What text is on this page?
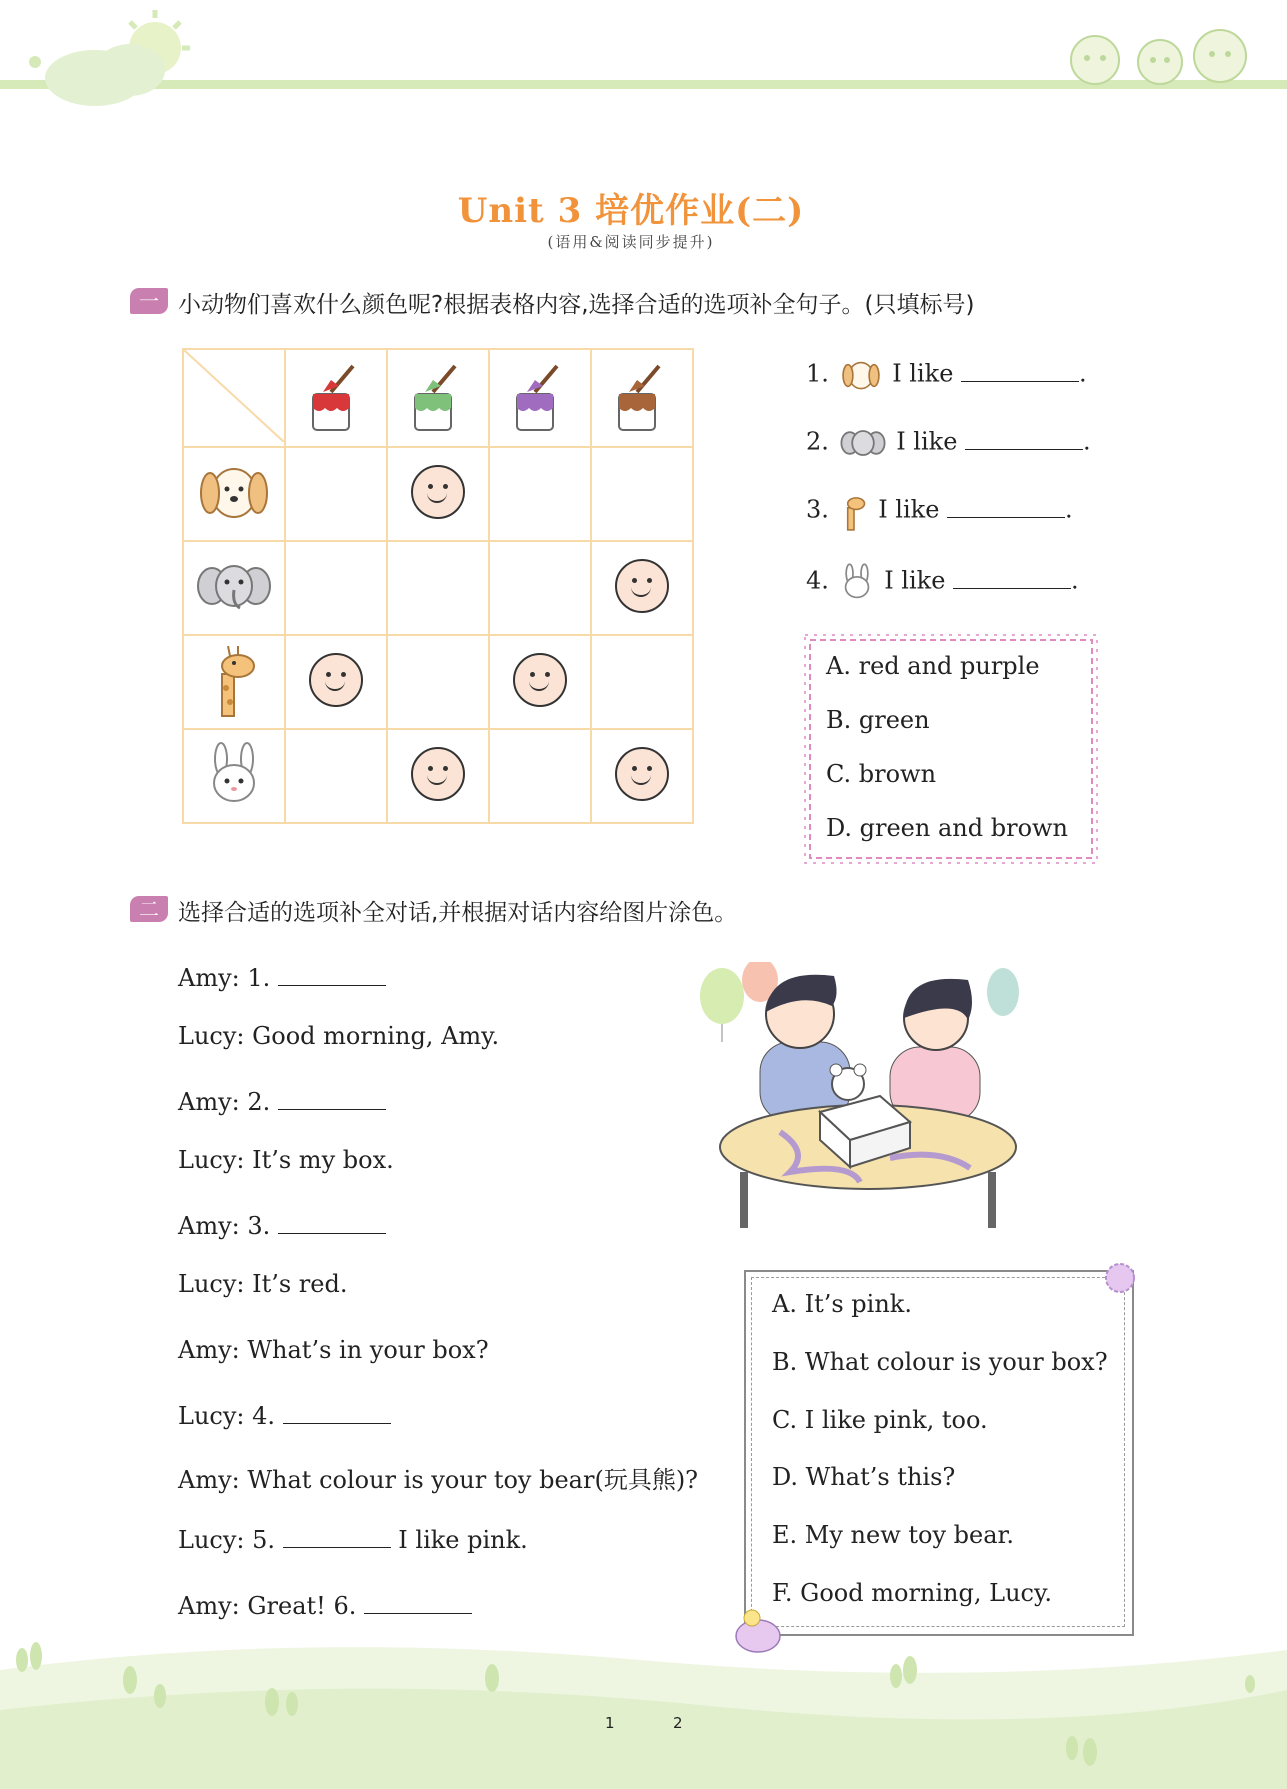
Unit 3 培优作业(二)
(语用&阅读同步提升)
一 小动物们喜欢什么颜色呢?根据表格内容,选择合适的选项补全句子。(只填标号)

1.	I like	.
2.	I like	.
3. I like	.
4. I like	.
A. red and purple
B. green
C. brown
D. green and brown
二 选择合适的选项补全对话,并根据对话内容给图片涂色。
Amy: 1.
Lucy: Good morning, Amy.
Amy: 2.
Lucy: It’s my box.
Amy: 3.
Lucy: It’s red.
Amy: What’s in your box?
Lucy: 4.
Amy: What colour is your toy bear(玩具熊)?
Lucy: 5.	I like pink.
Amy: Great! 6.
A. It’s pink.
B. What colour is your box?
C. I like pink, too.
D. What’s this?
E. My new toy bear.
F. Good morning, Lucy.
1	2
